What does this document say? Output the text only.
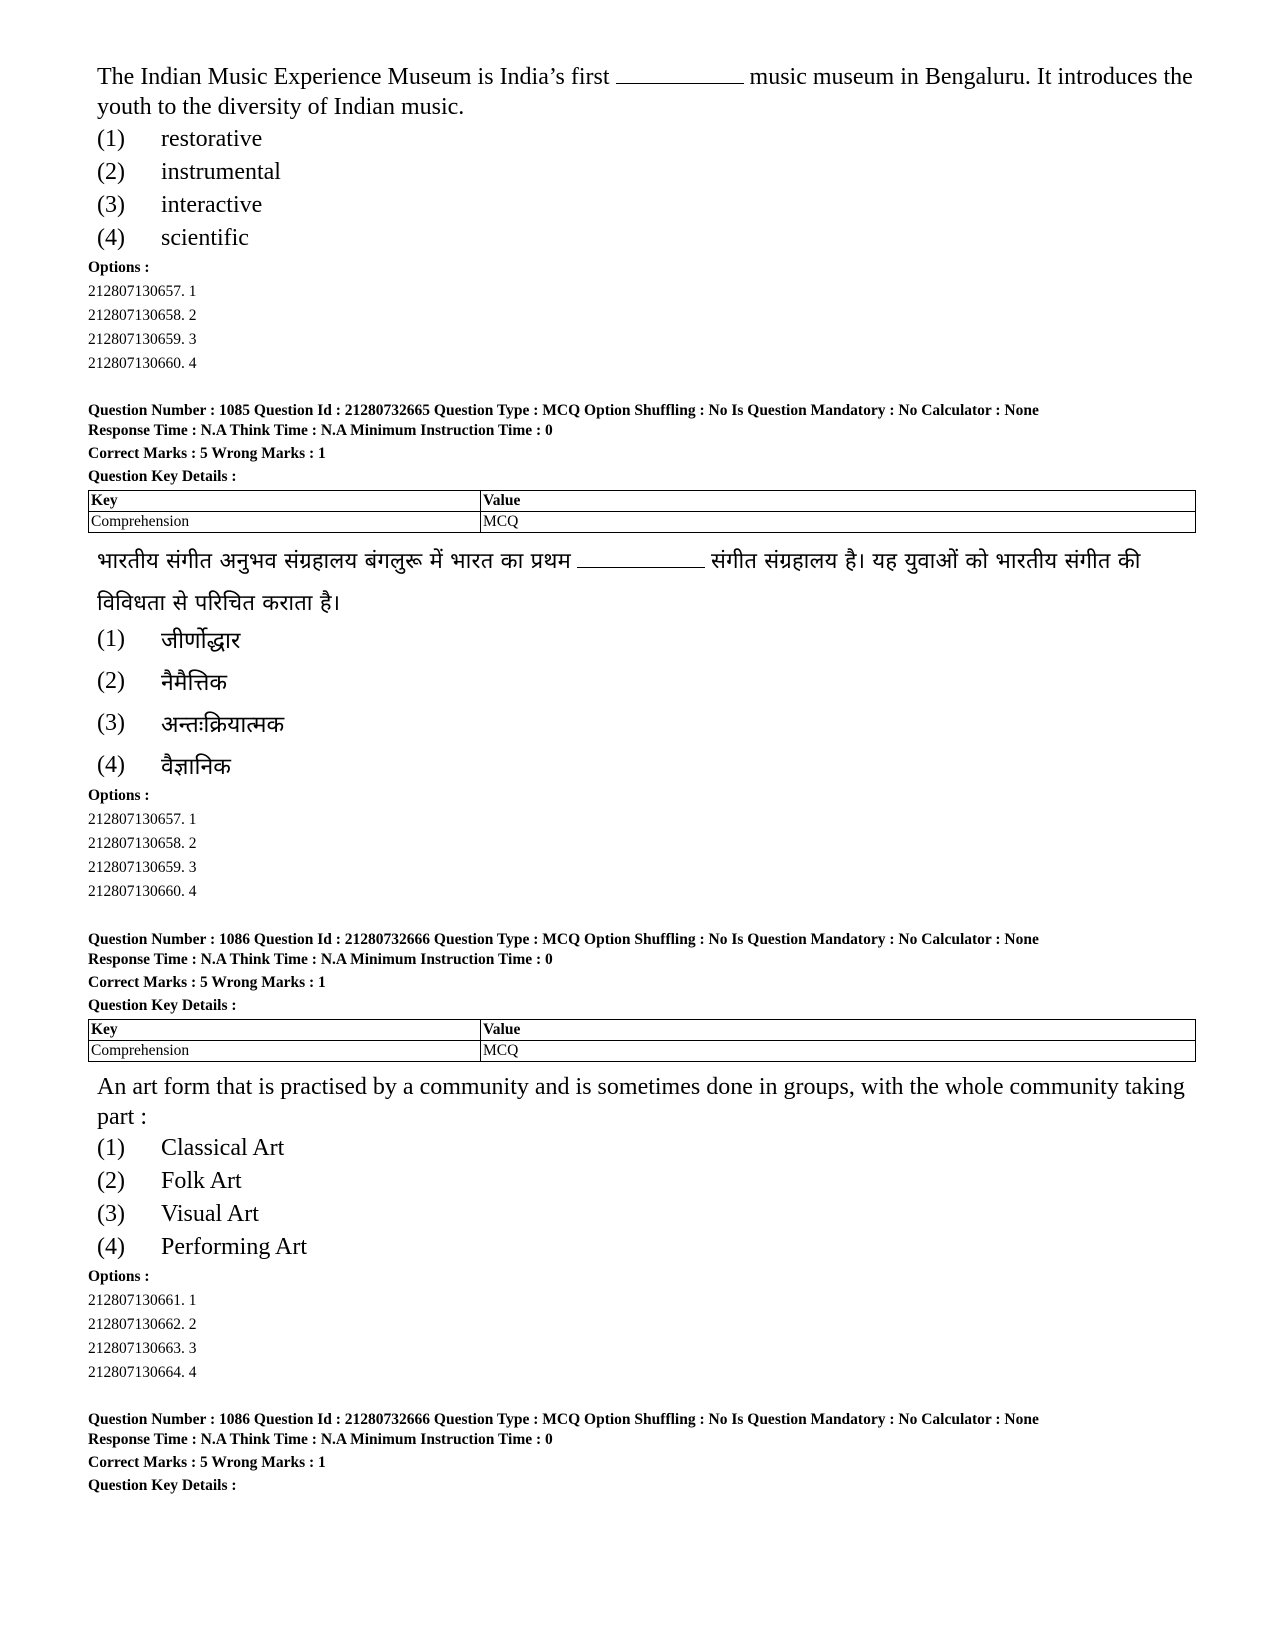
The Indian Music Experience Museum is India’s first	music museum in Bengaluru. It introduces the youth to the diversity of Indian music.
(1)	restorative
(2)	instrumental
(3)	interactive
(4)	scientific
Options :
212807130657. 1
212807130658. 2
212807130659. 3
212807130660. 4
Question Number : 1085 Question Id : 21280732665 Question Type : MCQ Option Shuffling : No Is Question Mandatory : No Calculator : None
Response Time : N.A Think Time : N.A Minimum Instruction Time : 0
Correct Marks : 5 Wrong Marks : 1
Question Key Details :
Key	Value
Comprehension	MCQ
भारतीय संगीत अनुभव संग्रहालय बंगलुरू में भारत का प्रथम	संगीत संग्रहालय है। यह युवाओं को भारतीय संगीत की विविधता से परिचित कराता है।
(1)	जीर्णोद्धार
(2)	नैमैत्तिक
(3)	अन्तःक्रियात्मक
(4)	वैज्ञानिक
Options :
212807130657. 1
212807130658. 2
212807130659. 3
212807130660. 4
Question Number : 1086 Question Id : 21280732666 Question Type : MCQ Option Shuffling : No Is Question Mandatory : No Calculator : None
Response Time : N.A Think Time : N.A Minimum Instruction Time : 0
Correct Marks : 5 Wrong Marks : 1
Question Key Details :
Key	Value
Comprehension	MCQ
An art form that is practised by a community and is sometimes done in groups, with the whole community taking part :
(1)	Classical Art
(2)	Folk Art
(3)	Visual Art
(4)	Performing Art
Options :
212807130661. 1
212807130662. 2
212807130663. 3
212807130664. 4
Question Number : 1086 Question Id : 21280732666 Question Type : MCQ Option Shuffling : No Is Question Mandatory : No Calculator : None
Response Time : N.A Think Time : N.A Minimum Instruction Time : 0
Correct Marks : 5 Wrong Marks : 1
Question Key Details :
